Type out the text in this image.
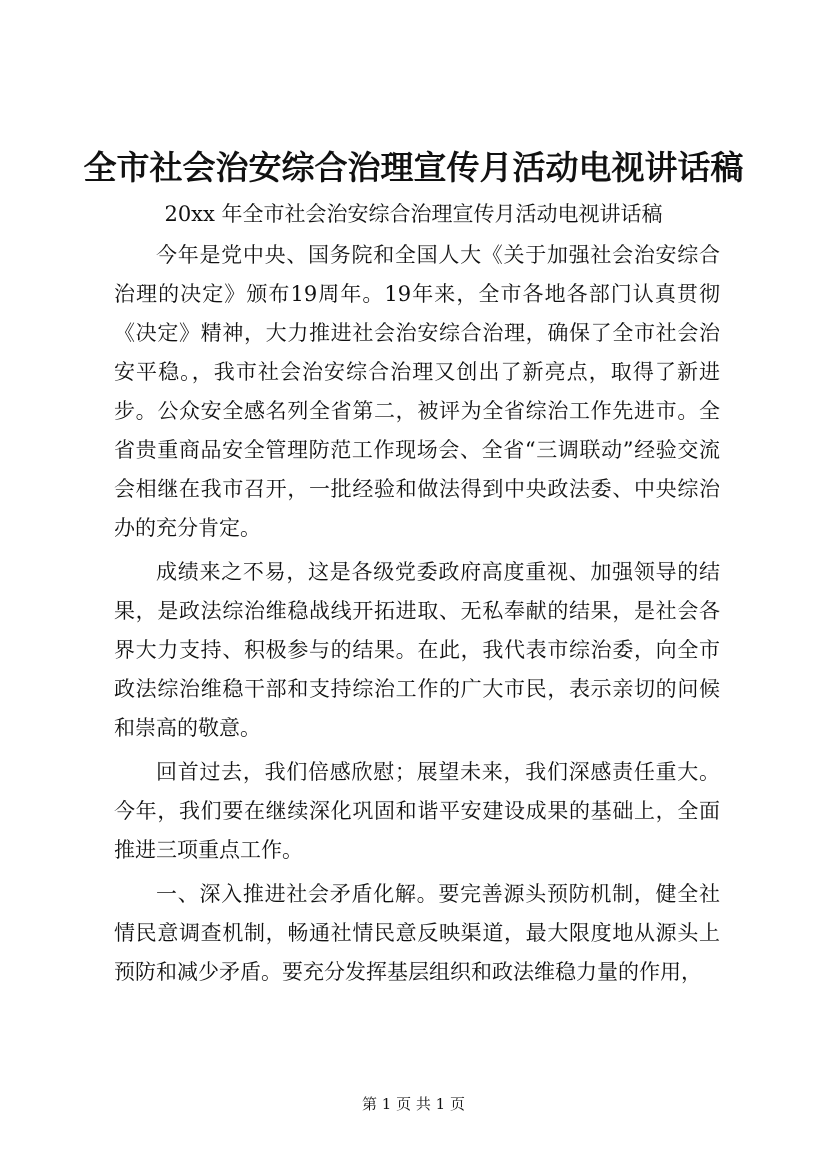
全市社会治安综合治理宣传月活动电视讲话稿
20xx 年全市社会治安综合治理宣传月活动电视讲话稿

今年是党中央、国务院和全国人大《关于加强社会治安综合治理的决定》颁布19周年。19年来，全市各地各部门认真贯彻《决定》精神，大力推进社会治安综合治理，确保了全市社会治安平稳。，我市社会治安综合治理又创出了新亮点，取得了新进步。公众安全感名列全省第二，被评为全省综治工作先进市。全省贵重商品安全管理防范工作现场会、全省“三调联动”经验交流会相继在我市召开，一批经验和做法得到中央政法委、中央综治办的充分肯定。

成绩来之不易，这是各级党委政府高度重视、加强领导的结果，是政法综治维稳战线开拓进取、无私奉献的结果，是社会各界大力支持、积极参与的结果。在此，我代表市综治委，向全市政法综治维稳干部和支持综治工作的广大市民，表示亲切的问候和崇高的敬意。

回首过去，我们倍感欣慰；展望未来，我们深感责任重大。今年，我们要在继续深化巩固和谐平安建设成果的基础上，全面推进三项重点工作。

一、深入推进社会矛盾化解。要完善源头预防机制，健全社情民意调查机制，畅通社情民意反映渠道，最大限度地从源头上预防和减少矛盾。要充分发挥基层组织和政法维稳力量的作用，

第 1 页 共 1 页
